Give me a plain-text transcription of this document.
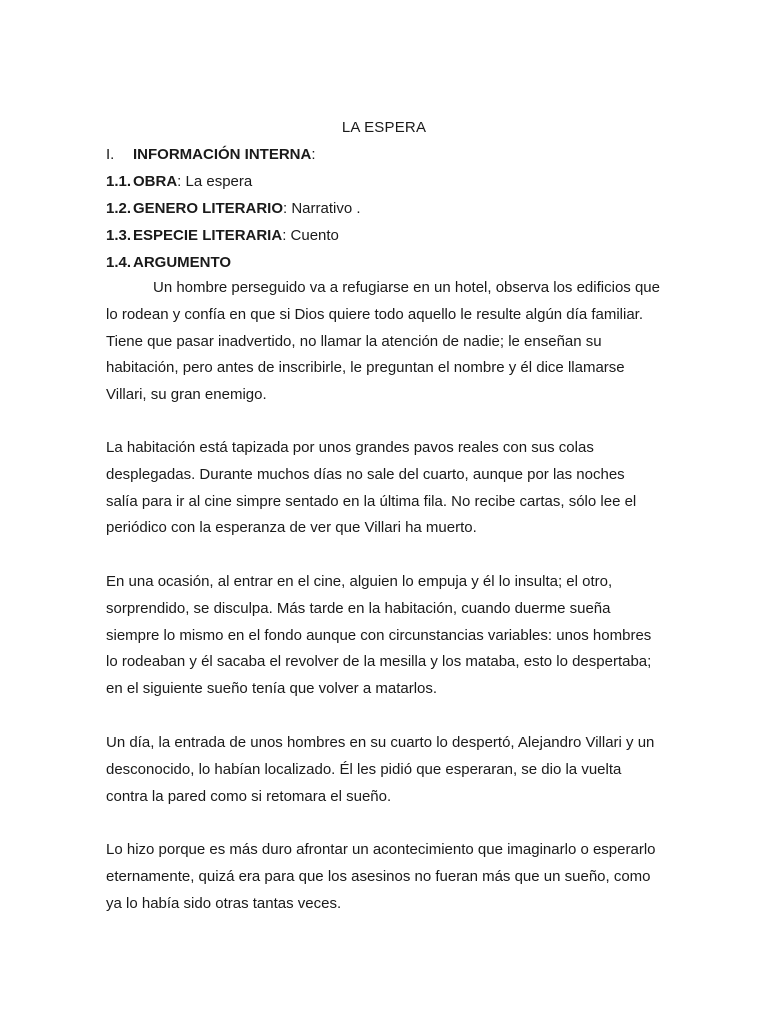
LA ESPERA
I. INFORMACIÓN INTERNA:
1.1. OBRA: La espera
1.2. GENERO LITERARIO: Narrativo .
1.3. ESPECIE LITERARIA: Cuento
1.4. ARGUMENTO

Un hombre perseguido va a refugiarse en un hotel, observa los edificios que

lo rodean y confía en que si Dios quiere todo aquello le resulte algún día familiar.

Tiene que pasar inadvertido, no llamar la atención de nadie; le enseñan su

habitación, pero antes de inscribirle, le preguntan el nombre y él dice llamarse

Villari, su gran enemigo.

La habitación está tapizada por unos grandes pavos reales con sus colas

desplegadas. Durante muchos días no sale del cuarto, aunque por las noches

salía para ir al cine simpre sentado en la última fila. No recibe cartas, sólo lee el

periódico con la esperanza de ver que Villari ha muerto.

En una ocasión, al entrar en el cine, alguien lo empuja y él lo insulta; el otro,

sorprendido, se disculpa. Más tarde en la habitación, cuando duerme sueña

siempre lo mismo en el fondo aunque con circunstancias variables: unos hombres

lo rodeaban y él sacaba el revolver de la mesilla y los mataba, esto lo despertaba;

en el siguiente sueño tenía que volver a matarlos.

Un día, la entrada de unos hombres en su cuarto lo despertó, Alejandro Villari y un

desconocido, lo habían localizado. Él les pidió que esperaran, se dio la vuelta

contra la pared como si retomara el sueño.

Lo hizo porque es más duro afrontar un acontecimiento que imaginarlo o esperarlo

eternamente, quizá era para que los asesinos no fueran más que un sueño, como

ya lo había sido otras tantas veces.
